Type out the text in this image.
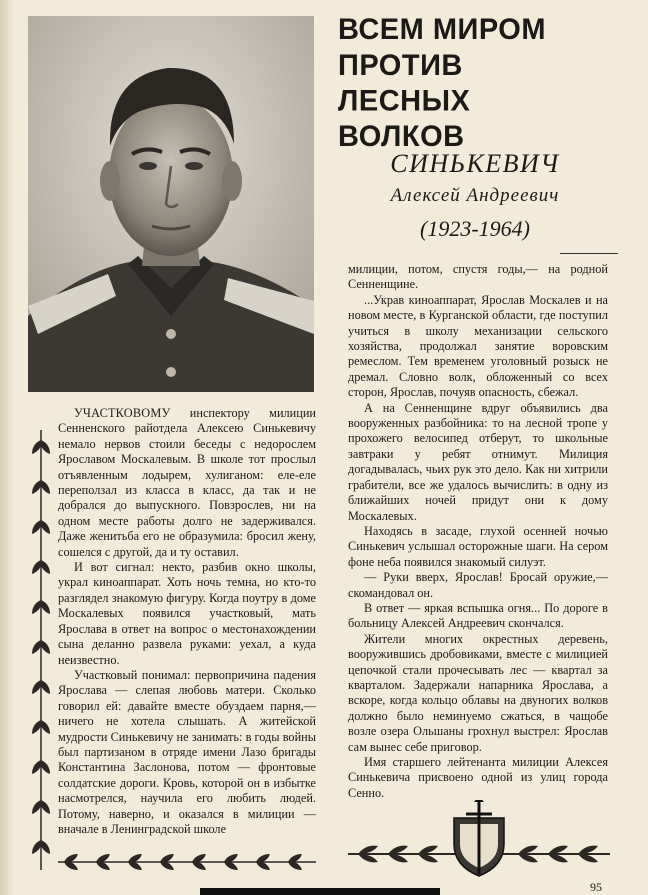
ВСЕМ МИРОМ
ПРОТИВ
ЛЕСНЫХ
ВОЛКОВ
СИНЬКЕВИЧ
Алексей Андреевич
(1923-1964)

УЧАСТКОВОМУ инспектору милиции Сенненского райотдела Алексею Синькевичу немало нервов стоили беседы с недорослем Ярославом Москалевым. В школе тот прослыл отъявленным лодырем, хулиганом: еле-еле переползал из класса в класс, да так и не добрался до выпускного. Повзрослев, ни на одном месте работы долго не задерживался. Даже женитьба его не образумила: бросил жену, сошелся с другой, да и ту оставил.

И вот сигнал: некто, разбив окно школы, украл киноаппарат. Хоть ночь темна, но кто-то разглядел знакомую фигуру. Когда поутру в доме Москалевых появился участковый, мать Ярослава в ответ на вопрос о местонахождении сына деланно развела руками: уехал, а куда неизвестно.

Участковый понимал: первопричина падения Ярослава — слепая любовь матери. Сколько говорил ей: давайте вместе обуздаем парня,— ничего не хотела слышать. А житейской мудрости Синькевичу не занимать: в годы войны был партизаном в отряде имени Лазо бригады Константина Заслонова, потом — фронтовые солдатские дороги. Кровь, которой он в избытке насмотрелся, научила его любить людей. Потому, наверно, и оказался в милиции — вначале в Ленинградской школе

милиции, потом, спустя годы,— на родной Сенненщине.

...Украв киноаппарат, Ярослав Москалев и на новом месте, в Курганской области, где поступил учиться в школу механизации сельского хозяйства, продолжал занятие воровским ремеслом. Тем временем уголовный розыск не дремал. Словно волк, обложенный со всех сторон, Ярослав, почуяв опасность, сбежал.

А на Сенненщине вдруг объявились два вооруженных разбойника: то на лесной тропе у прохожего велосипед отберут, то школьные завтраки у ребят отнимут. Милиция догадывалась, чьих рук это дело. Как ни хитрили грабители, все же удалось вычислить: в одну из ближайших ночей придут они к дому Москалевых.

Находясь в засаде, глухой осенней ночью Синькевич услышал осторожные шаги. На сером фоне неба появился знакомый силуэт.

— Руки вверх, Ярослав! Бросай оружие,— скомандовал он.

В ответ — яркая вспышка огня... По дороге в больницу Алексей Андреевич скончался.

Жители многих окрестных деревень, вооружившись дробовиками, вместе с милицией цепочкой стали прочесывать лес — квартал за кварталом. Задержали напарника Ярослава, а вскоре, когда кольцо облавы на двуногих волков должно было неминуемо сжаться, в чащобе возле озера Ольшаны грохнул выстрел: Ярослав сам вынес себе приговор.

Имя старшего лейтенанта милиции Алексея Синькевича присвоено одной из улиц города Сенно.

95
